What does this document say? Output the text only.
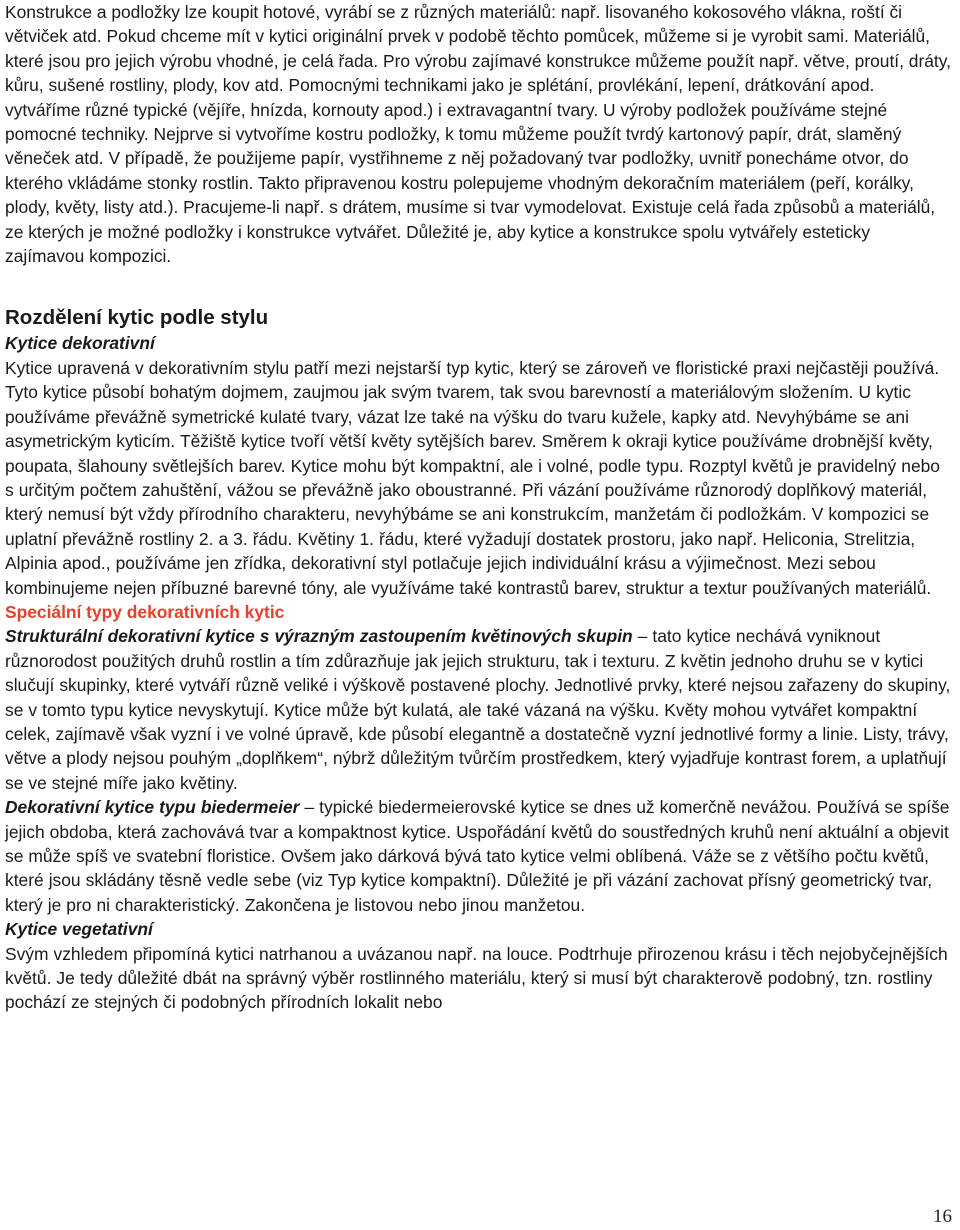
Konstrukce a podložky lze koupit hotové, vyrábí se z různých materiálů: např. lisovaného kokosového vlákna, roští či větviček atd. Pokud chceme mít v kytici originální prvek v podobě těchto pomůcek, můžeme si je vyrobit sami. Materiálů, které jsou pro jejich výrobu vhodné, je celá řada. Pro výrobu zajímavé konstrukce můžeme použít např. větve, proutí, dráty, kůru, sušené rostliny, plody, kov atd. Pomocnými technikami jako je splétání, provlékání, lepení, drátkování apod. vytváříme různé typické (vějíře, hnízda, kornouty apod.) i extravagantní tvary. U výroby podložek používáme stejné pomocné techniky. Nejprve si vytvoříme kostru podložky, k tomu můžeme použít tvrdý kartonový papír, drát, slaměný věneček atd. V případě, že použijeme papír, vystřihneme z něj požadovaný tvar podložky, uvnitř ponecháme otvor, do kterého vkládáme stonky rostlin. Takto připravenou kostru polepujeme vhodným dekoračním materiálem (peří, korálky, plody, květy, listy atd.). Pracujeme-li např. s drátem, musíme si tvar vymodelovat. Existuje celá řada způsobů a materiálů, ze kterých je možné podložky i konstrukce vytvářet. Důležité je, aby kytice a konstrukce spolu vytvářely esteticky zajímavou kompozici.

Rozdělení kytic podle stylu
Kytice dekorativní

Kytice upravená v dekorativním stylu patří mezi nejstarší typ kytic, který se zároveň ve floristické praxi nejčastěji používá. Tyto kytice působí bohatým dojmem, zaujmou jak svým tvarem, tak svou barevností a materiálovým složením. U kytic používáme převážně symetrické kulaté tvary, vázat lze také na výšku do tvaru kužele, kapky atd. Nevyhýbáme se ani asymetrickým kyticím. Těžiště kytice tvoří větší květy sytějších barev. Směrem k okraji kytice používáme drobnější květy, poupata, šlahouny světlejších barev. Kytice mohu být kompaktní, ale i volné, podle typu. Rozptyl květů je pravidelný nebo s určitým počtem zahuštění, vážou se převážně jako oboustranné. Při vázání používáme různorodý doplňkový materiál, který nemusí být vždy přírodního charakteru, nevyhýbáme se ani konstrukcím, manžetám či podložkám. V kompozici se uplatní převážně rostliny 2. a 3. řádu. Květiny 1. řádu, které vyžadují dostatek prostoru, jako např. Heliconia, Strelitzia, Alpinia apod., používáme jen zřídka, dekorativní styl potlačuje jejich individuální krásu a výjimečnost. Mezi sebou kombinujeme nejen příbuzné barevné tóny, ale využíváme také kontrastů barev, struktur a textur používaných materiálů.

Speciální typy dekorativních kytic

Strukturální dekorativní kytice s výrazným zastoupením květinových skupin – tato kytice nechává vyniknout různorodost použitých druhů rostlin a tím zdůrazňuje jak jejich strukturu, tak i texturu. Z květin jednoho druhu se v kytici slučují skupinky, které vytváří různě veliké i výškově postavené plochy. Jednotlivé prvky, které nejsou zařazeny do skupiny, se v tomto typu kytice nevyskytují. Kytice může být kulatá, ale také vázaná na výšku. Květy mohou vytvářet kompaktní celek, zajímavě však vyzní i ve volné úpravě, kde působí elegantně a dostatečně vyzní jednotlivé formy a linie. Listy, trávy, větve a plody nejsou pouhým „doplňkem“, nýbrž důležitým tvůrčím prostředkem, který vyjadřuje kontrast forem, a uplatňují se ve stejné míře jako květiny.

Dekorativní kytice typu biedermeier – typické biedermeierovské kytice se dnes už komerčně nevážou. Používá se spíše jejich obdoba, která zachovává tvar a kompaktnost kytice. Uspořádání květů do soustředných kruhů není aktuální a objevit se může spíš ve svatební floristice. Ovšem jako dárková bývá tato kytice velmi oblíbená. Váže se z většího počtu květů, které jsou skládány těsně vedle sebe (viz Typ kytice kompaktní). Důležité je při vázání zachovat přísný geometrický tvar, který je pro ni charakteristický. Zakončena je listovou nebo jinou manžetou.

Kytice vegetativní

Svým vzhledem připomíná kytici natrhanou a uvázanou např. na louce. Podtrhuje přirozenou krásu i těch nejobyčejnějších květů. Je tedy důležité dbát na správný výběr rostlinného materiálu, který si musí být charakterově podobný, tzn. rostliny pochází ze stejných či podobných přírodních lokalit nebo

16
